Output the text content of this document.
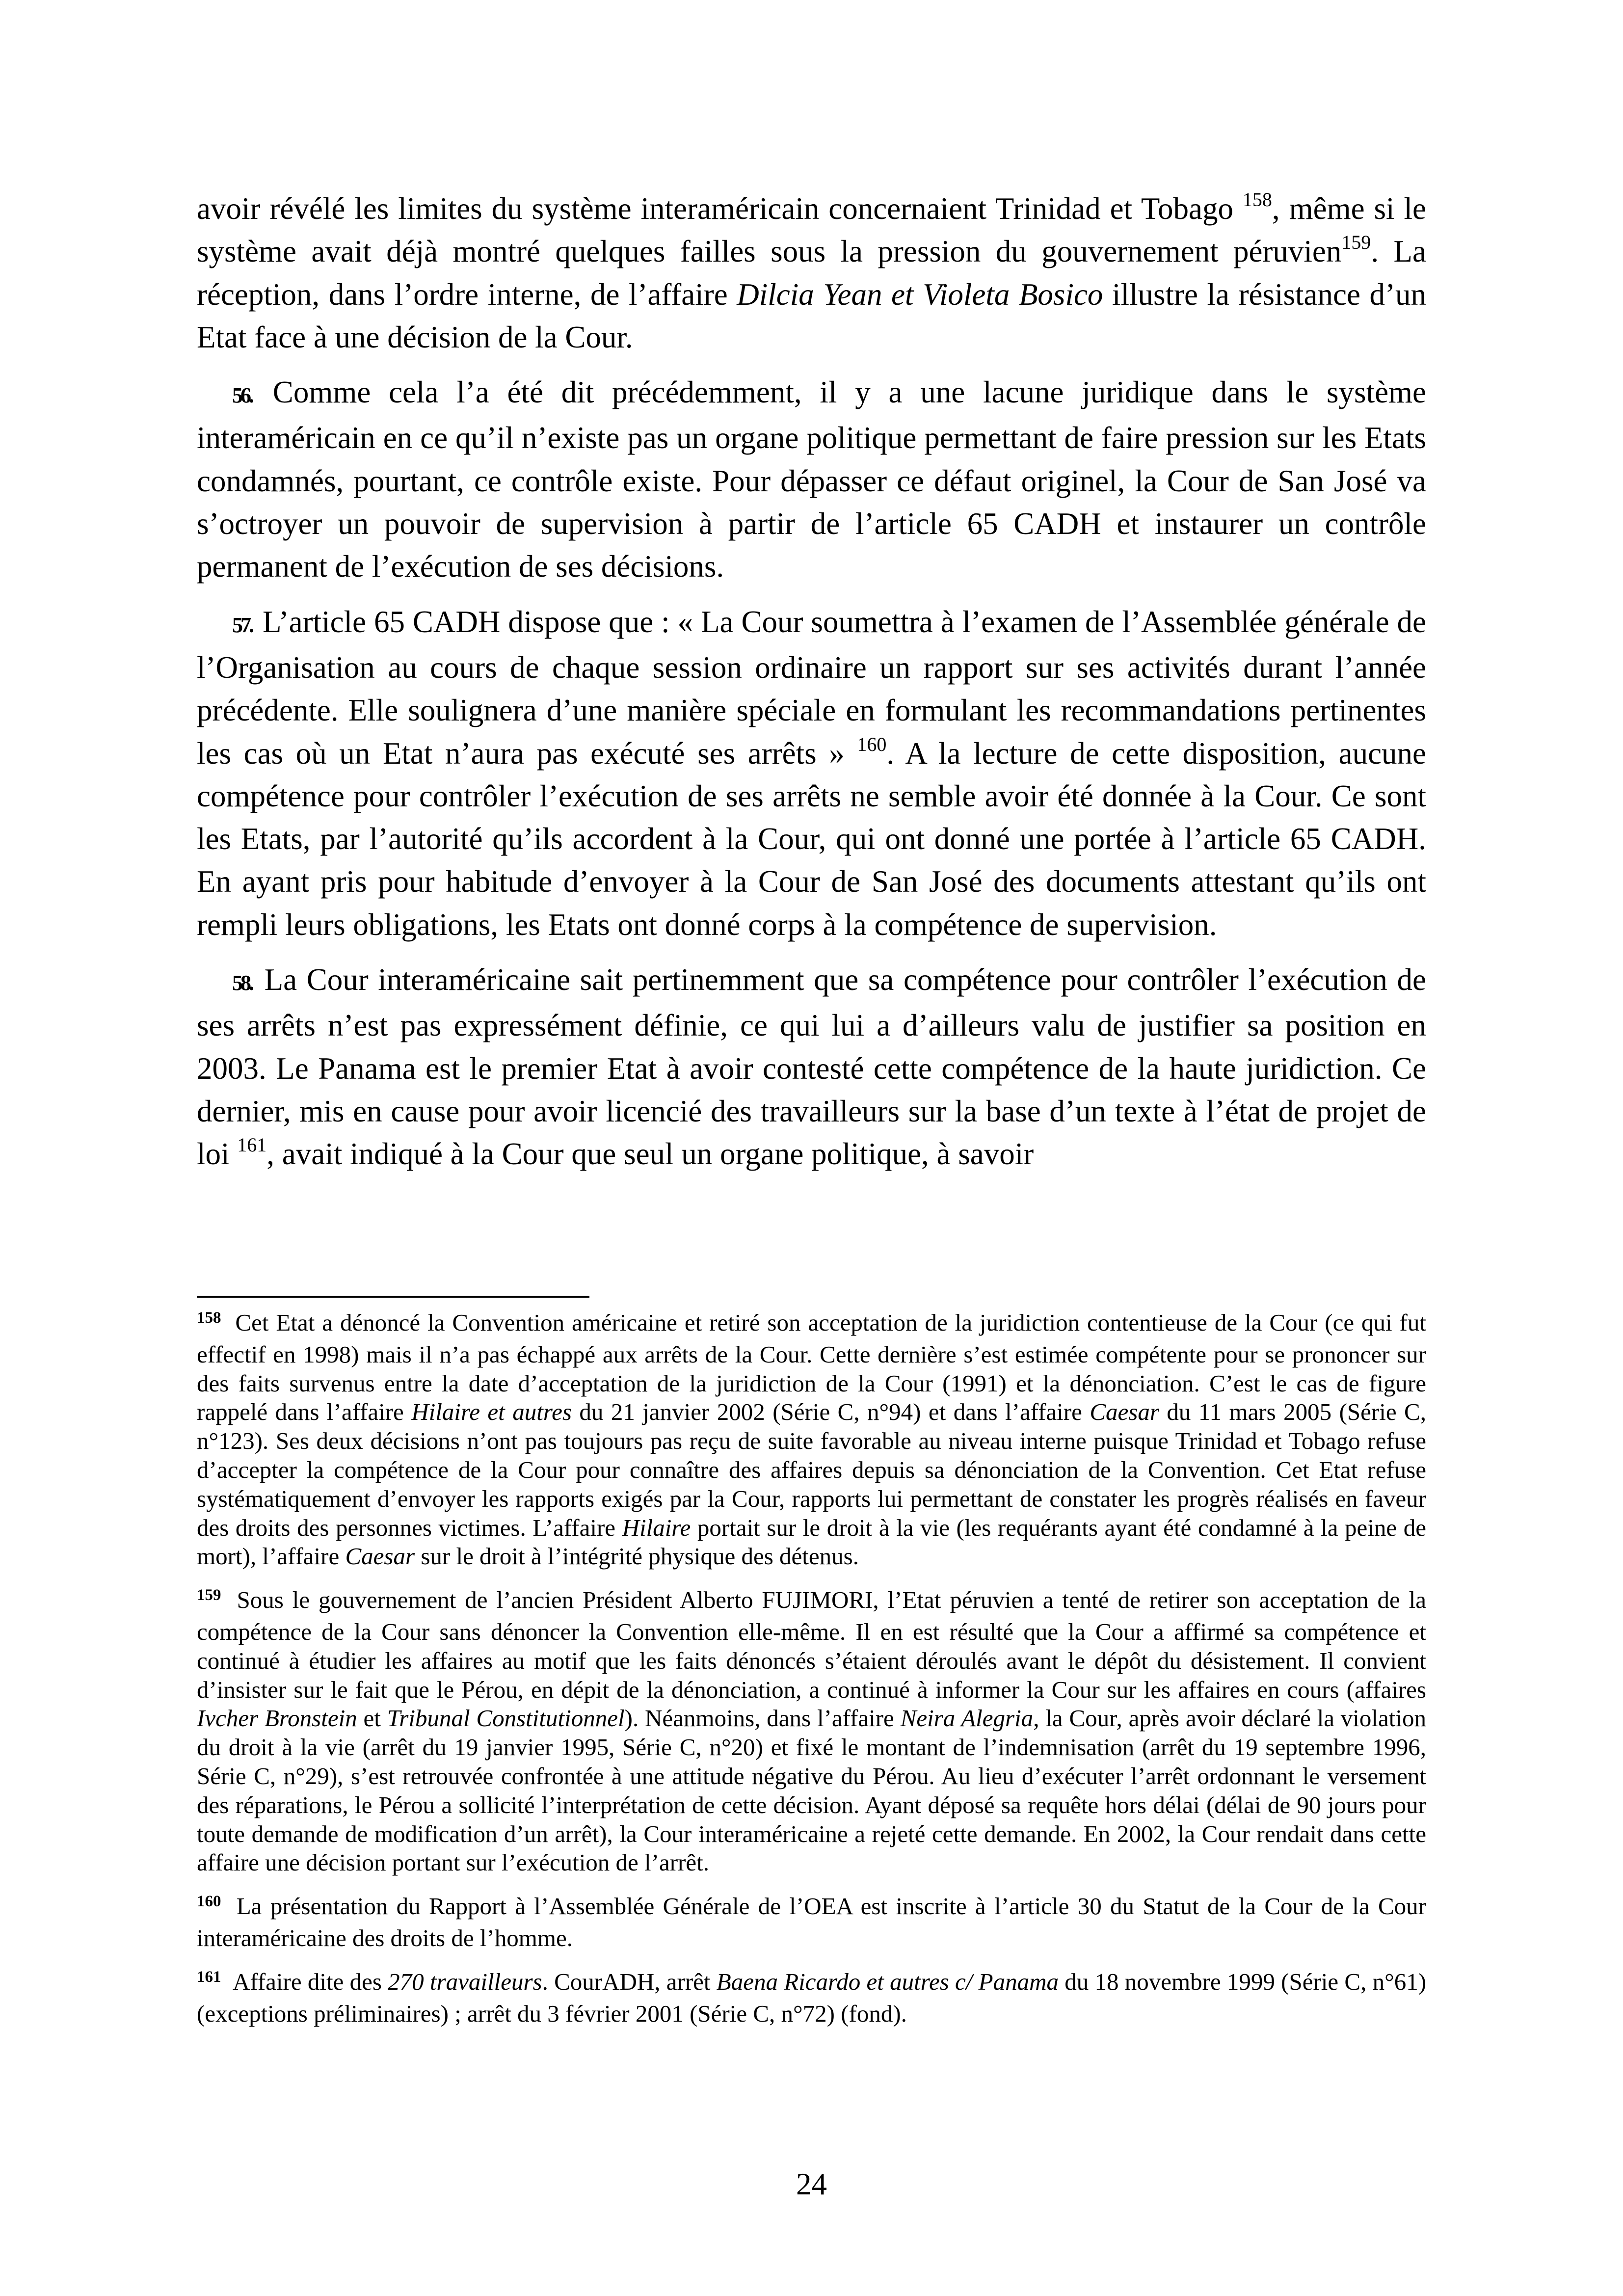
avoir révélé les limites du système interaméricain concernaient Trinidad et Tobago $^{158}$, même si le système avait déjà montré quelques failles sous la pression du gouvernement péruvien$^{159}$. La réception, dans l’ordre interne, de l’affaire Dilcia Yean et Violeta Bosico illustre la résistance d’un Etat face à une décision de la Cour.

56. Comme cela l’a été dit précédemment, il y a une lacune juridique dans le système interaméricain en ce qu’il n’existe pas un organe politique permettant de faire pression sur les Etats condamnés, pourtant, ce contrôle existe. Pour dépasser ce défaut originel, la Cour de San José va s’octroyer un pouvoir de supervision à partir de l’article 65 CADH et instaurer un contrôle permanent de l’exécution de ses décisions.

57. L’article 65 CADH dispose que : « La Cour soumettra à l’examen de l’Assemblée générale de l’Organisation au cours de chaque session ordinaire un rapport sur ses activités durant l’année précédente. Elle soulignera d’une manière spéciale en formulant les recommandations pertinentes les cas où un Etat n’aura pas exécuté ses arrêts » $^{160}$. A la lecture de cette disposition, aucune compétence pour contrôler l’exécution de ses arrêts ne semble avoir été donnée à la Cour. Ce sont les Etats, par l’autorité qu’ils accordent à la Cour, qui ont donné une portée à l’article 65 CADH. En ayant pris pour habitude d’envoyer à la Cour de San José des documents attestant qu’ils ont rempli leurs obligations, les Etats ont donné corps à la compétence de supervision.

58. La Cour interaméricaine sait pertinemment que sa compétence pour contrôler l’exécution de ses arrêts n’est pas expressément définie, ce qui lui a d’ailleurs valu de justifier sa position en 2003. Le Panama est le premier Etat à avoir contesté cette compétence de la haute juridiction. Ce dernier, mis en cause pour avoir licencié des travailleurs sur la base d’un texte à l’état de projet de loi $^{161}$, avait indiqué à la Cour que seul un organe politique, à savoir

$^{158}$ Cet Etat a dénoncé la Convention américaine et retiré son acceptation de la juridiction contentieuse de la Cour (ce qui fut effectif en 1998) mais il n’a pas échappé aux arrêts de la Cour. Cette dernière s’est estimée compétente pour se prononcer sur des faits survenus entre la date d’acceptation de la juridiction de la Cour (1991) et la dénonciation. C’est le cas de figure rappelé dans l’affaire Hilaire et autres du 21 janvier 2002 (Série C, n°94) et dans l’affaire Caesar du 11 mars 2005 (Série C, n°123). Ses deux décisions n’ont pas toujours pas reçu de suite favorable au niveau interne puisque Trinidad et Tobago refuse d’accepter la compétence de la Cour pour connaître des affaires depuis sa dénonciation de la Convention. Cet Etat refuse systématiquement d’envoyer les rapports exigés par la Cour, rapports lui permettant de constater les progrès réalisés en faveur des droits des personnes victimes. L’affaire Hilaire portait sur le droit à la vie (les requérants ayant été condamné à la peine de mort), l’affaire Caesar sur le droit à l’intégrité physique des détenus.

$^{159}$ Sous le gouvernement de l’ancien Président Alberto FUJIMORI, l’Etat péruvien a tenté de retirer son acceptation de la compétence de la Cour sans dénoncer la Convention elle-même. Il en est résulté que la Cour a affirmé sa compétence et continué à étudier les affaires au motif que les faits dénoncés s’étaient déroulés avant le dépôt du désistement. Il convient d’insister sur le fait que le Pérou, en dépit de la dénonciation, a continué à informer la Cour sur les affaires en cours (affaires Ivcher Bronstein et Tribunal Constitutionnel). Néanmoins, dans l’affaire Neira Alegria, la Cour, après avoir déclaré la violation du droit à la vie (arrêt du 19 janvier 1995, Série C, n°20) et fixé le montant de l’indemnisation (arrêt du 19 septembre 1996, Série C, n°29), s’est retrouvée confrontée à une attitude négative du Pérou. Au lieu d’exécuter l’arrêt ordonnant le versement des réparations, le Pérou a sollicité l’interprétation de cette décision. Ayant déposé sa requête hors délai (délai de 90 jours pour toute demande de modification d’un arrêt), la Cour interaméricaine a rejeté cette demande. En 2002, la Cour rendait dans cette affaire une décision portant sur l’exécution de l’arrêt.

$^{160}$ La présentation du Rapport à l’Assemblée Générale de l’OEA est inscrite à l’article 30 du Statut de la Cour de la Cour interaméricaine des droits de l’homme.

$^{161}$ Affaire dite des 270 travailleurs. CourADH, arrêt Baena Ricardo et autres c/ Panama du 18 novembre 1999 (Série C, n°61) (exceptions préliminaires) ; arrêt du 3 février 2001 (Série C, n°72) (fond).

24
